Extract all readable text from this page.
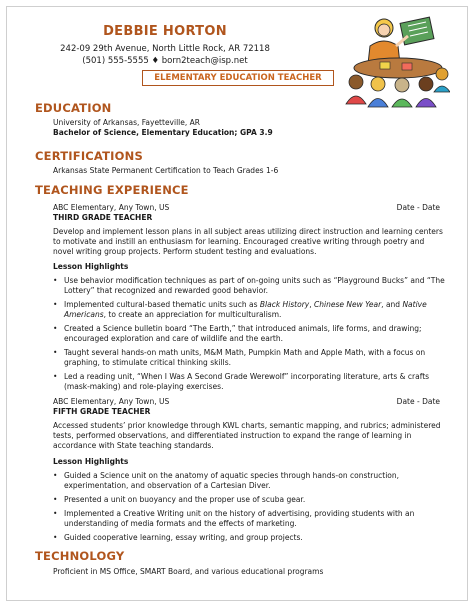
DEBBIE HORTON
242-09 29th Avenue, North Little Rock, AR 72118
(501) 555-5555 ♦ born2teach@isp.net
ELEMENTARY EDUCATION TEACHER
EDUCATION
University of Arkansas, Fayetteville, AR
Bachelor of Science, Elementary Education; GPA 3.9
CERTIFICATIONS
Arkansas State Permanent Certification to Teach Grades 1-6
TEACHING EXPERIENCE
ABC Elementary, Any Town, US	Date - Date
THIRD GRADE TEACHER
Develop and implement lesson plans in all subject areas utilizing direct instruction and learning centers to motivate and instill an enthusiasm for learning. Encouraged creative writing through poetry and novel writing group projects. Perform student testing and evaluations.
Lesson Highlights
• Use behavior modification techniques as part of on-going units such as “Playground Bucks” and “The Lottery” that recognized and rewarded good behavior.
• Implemented cultural-based thematic units such as Black History, Chinese New Year, and Native Americans, to create an appreciation for multiculturalism.
• Created a Science bulletin board “The Earth,” that introduced animals, life forms, and drawing; encouraged exploration and care of wildlife and the earth.
• Taught several hands-on math units, M&M Math, Pumpkin Math and Apple Math, with a focus on graphing, to stimulate critical thinking skills.
• Led a reading unit, “When I Was A Second Grade Werewolf” incorporating literature, arts & crafts (mask-making) and role-playing exercises.
ABC Elementary, Any Town, US	Date - Date
FIFTH GRADE TEACHER
Accessed students’ prior knowledge through KWL charts, semantic mapping, and rubrics; administered tests, performed observations, and differentiated instruction to expand the range of learning in accordance with State teaching standards.
Lesson Highlights
• Guided a Science unit on the anatomy of aquatic species through hands-on construction, experimentation, and observation of a Cartesian Diver.
• Presented a unit on buoyancy and the proper use of scuba gear.
• Implemented a Creative Writing unit on the history of advertising, providing students with an understanding of media formats and the effects of marketing.
• Guided cooperative learning, essay writing, and group projects.
TECHNOLOGY
Proficient in MS Office, SMART Board, and various educational programs
